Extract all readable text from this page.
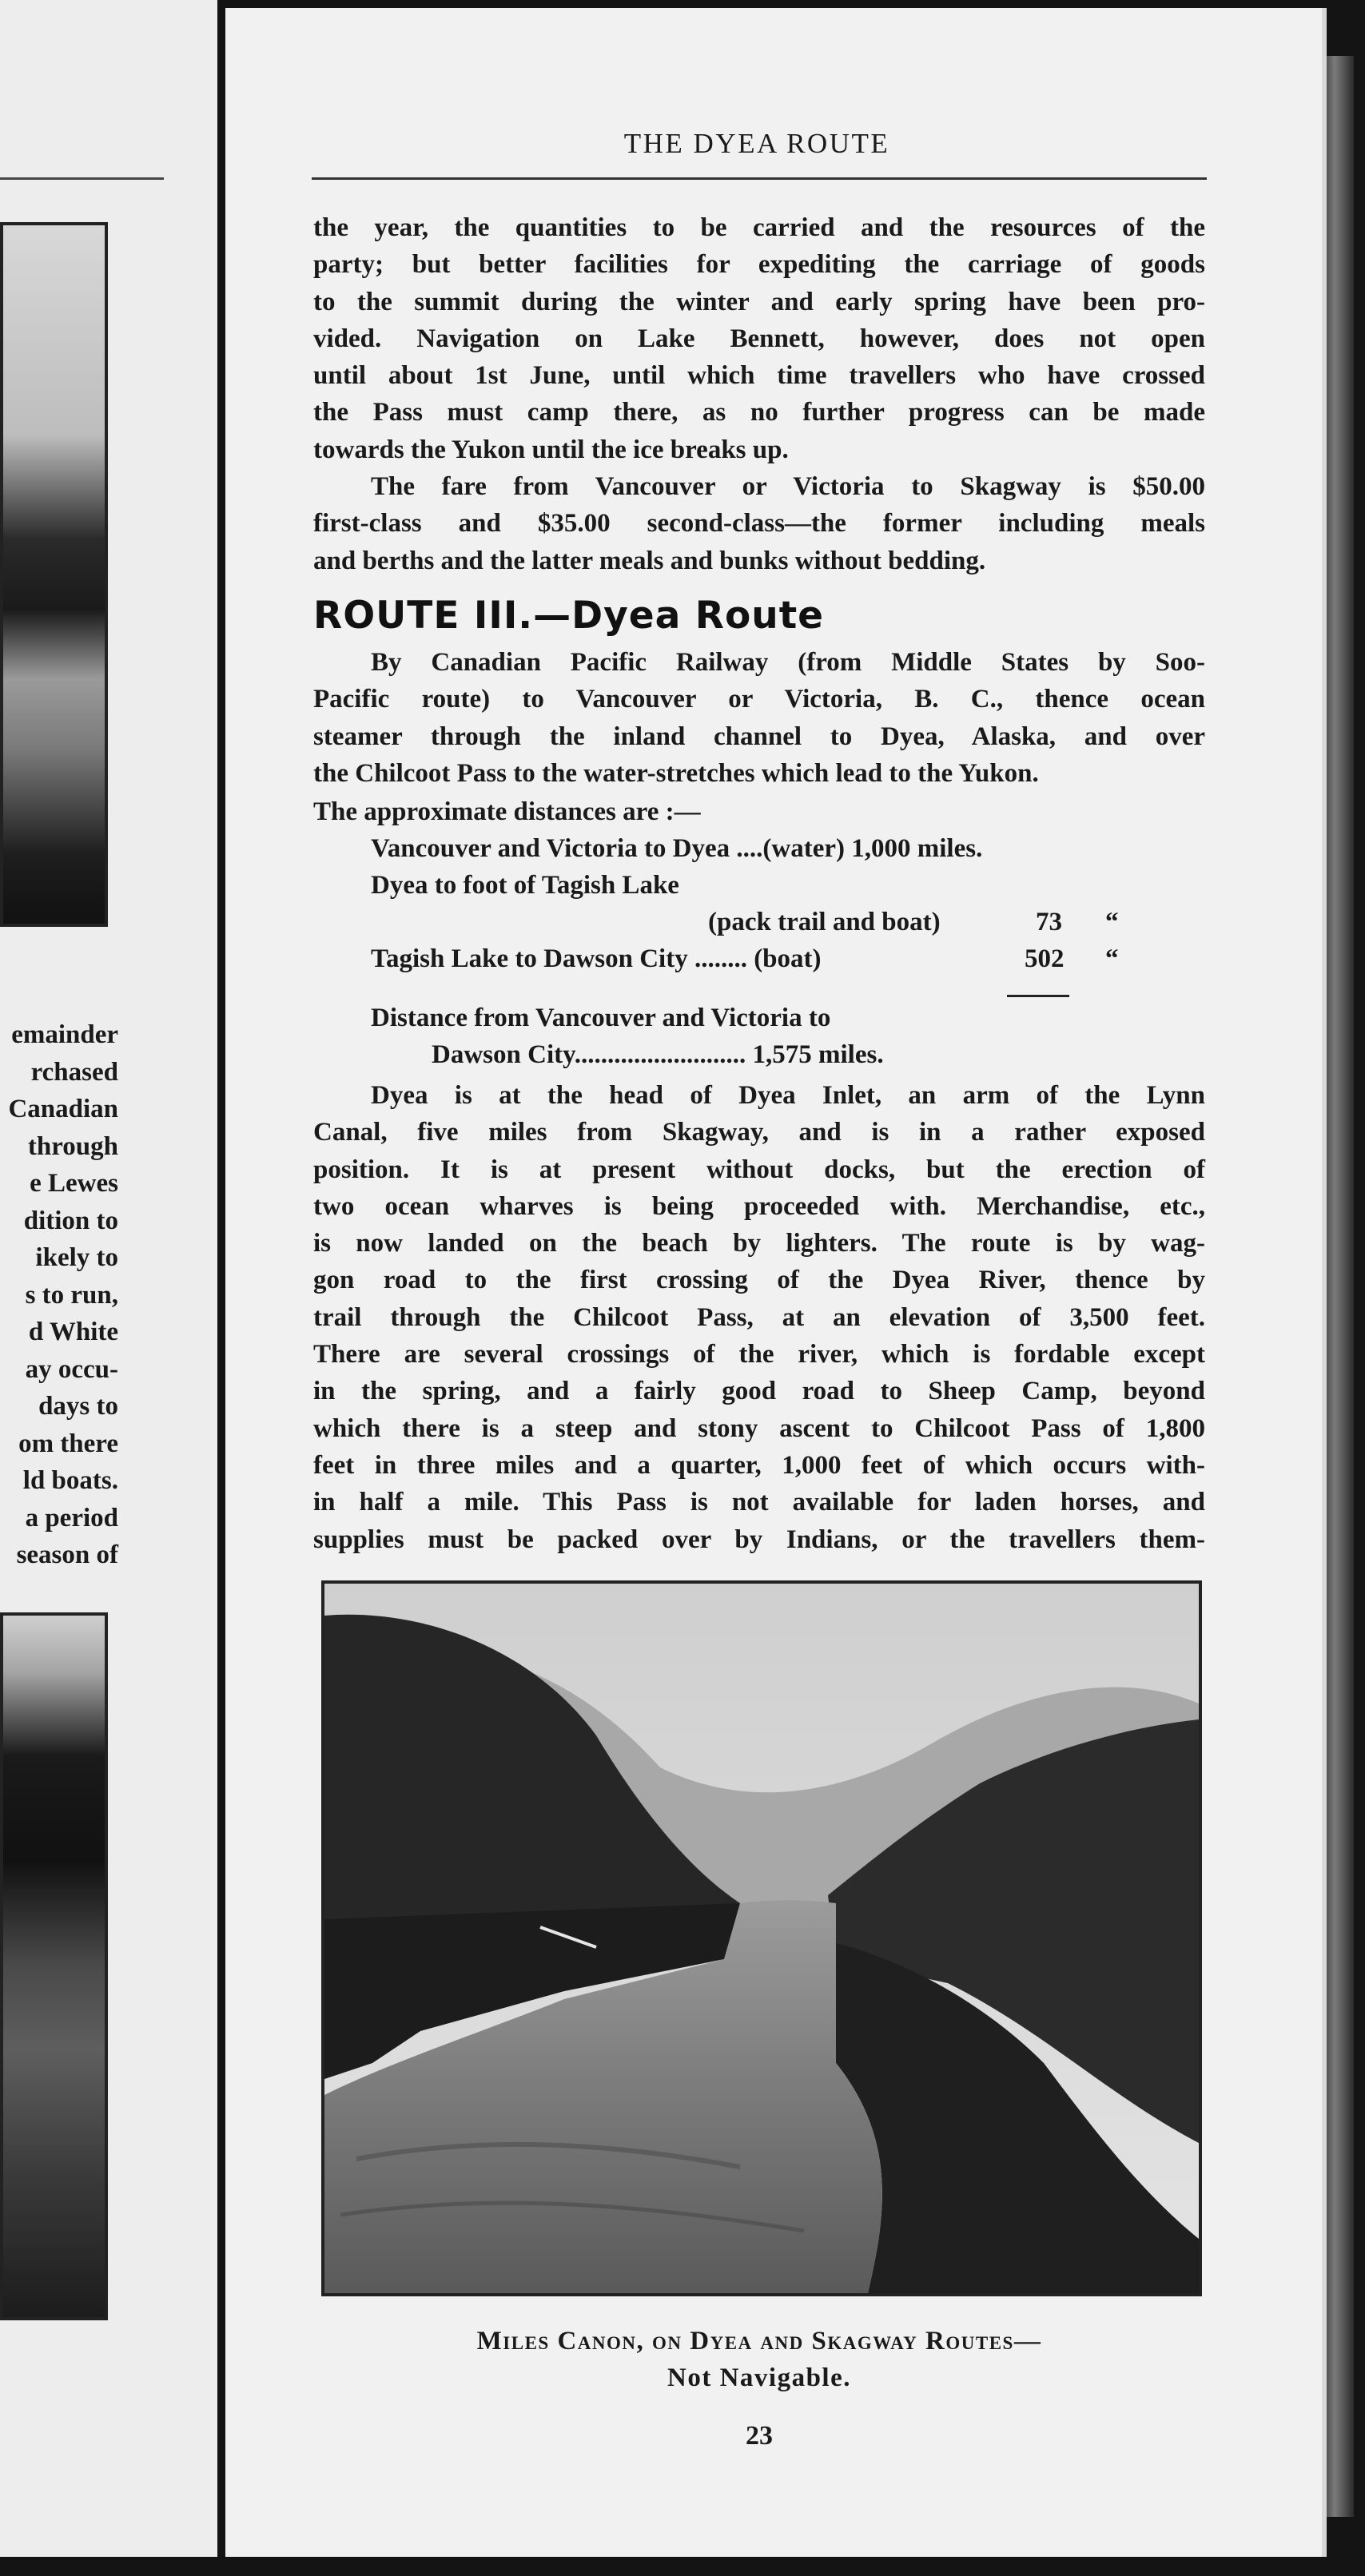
emainder
rchased
Canadian
through
e Lewes
dition to
ikely to
s to run,
d White
ay occu-
days to
om there
ld boats.
a period
season of
THE DYEA ROUTE
the year, the quantities to be carried and the resources of the
party; but better facilities for expediting the carriage of goods
to the summit during the winter and early spring have been pro-
vided. Navigation on Lake Bennett, however, does not open
until about 1st June, until which time travellers who have crossed
the Pass must camp there, as no further progress can be made
towards the Yukon until the ice breaks up.
The fare from Vancouver or Victoria to Skagway is $50.00
first-class and $35.00 second-class—the former including meals
and berths and the latter meals and bunks without bedding.
ROUTE III.—Dyea Route
By Canadian Pacific Railway (from Middle States by Soo-
Pacific route) to Vancouver or Victoria, B. C., thence ocean
steamer through the inland channel to Dyea, Alaska, and over
the Chilcoot Pass to the water-stretches which lead to the Yukon.
The approximate distances are :—
Vancouver and Victoria to Dyea ....(water) 1,000 miles.
Dyea to foot of Tagish Lake
(pack trail and boat)	73 “
Tagish Lake to Dawson City ........ (boat)	502 “
Distance from Vancouver and Victoria to
Dawson City.......................... 1,575 miles.
Dyea is at the head of Dyea Inlet, an arm of the Lynn
Canal, five miles from Skagway, and is in a rather exposed
position. It is at present without docks, but the erection of
two ocean wharves is being proceeded with. Merchandise, etc.,
is now landed on the beach by lighters. The route is by wag-
gon road to the first crossing of the Dyea River, thence by
trail through the Chilcoot Pass, at an elevation of 3,500 feet.
There are several crossings of the river, which is fordable except
in the spring, and a fairly good road to Sheep Camp, beyond
which there is a steep and stony ascent to Chilcoot Pass of 1,800
feet in three miles and a quarter, 1,000 feet of which occurs with-
in half a mile. This Pass is not available for laden horses, and
supplies must be packed over by Indians, or the travellers them-
Miles Canon, on Dyea and Skagway Routes—
Not Navigable.
23
